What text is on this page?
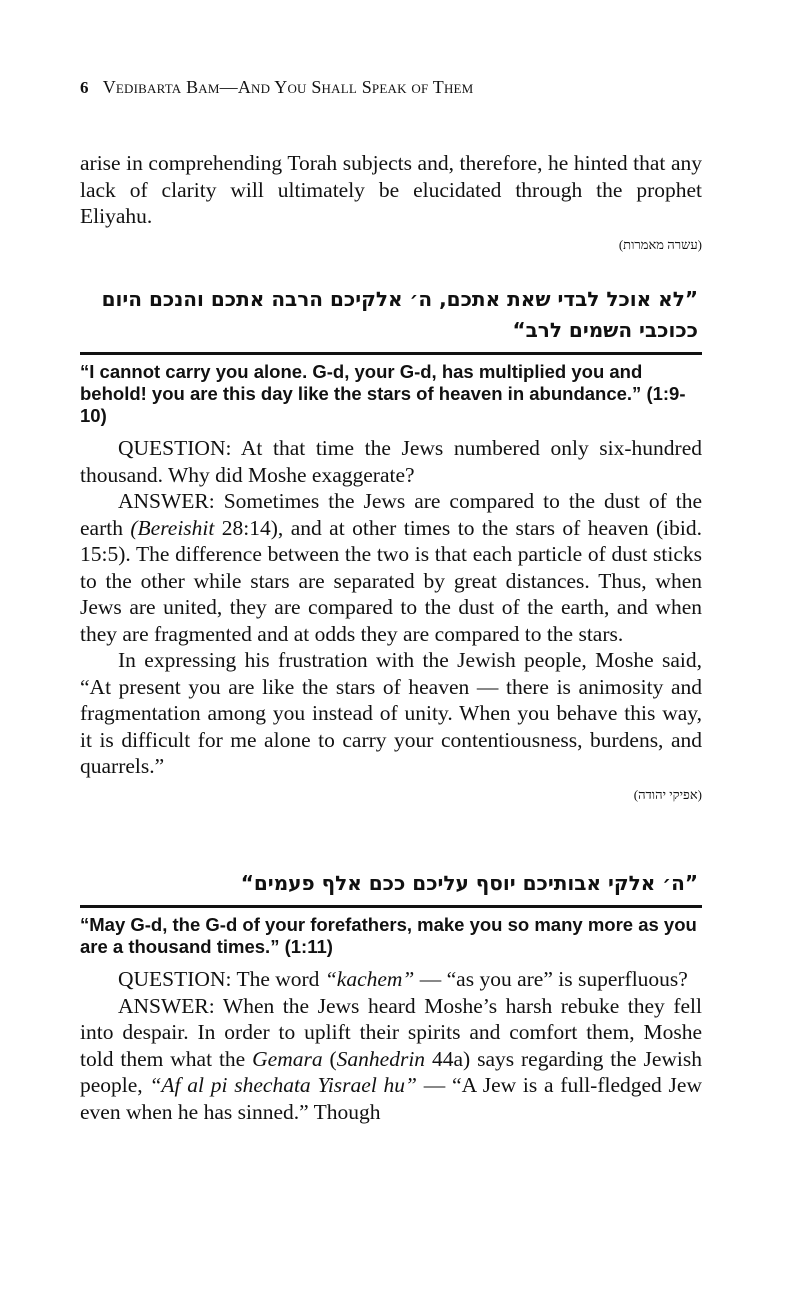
6 Vedibarta Bam—And You Shall Speak of Them

arise in comprehending Torah subjects and, therefore, he hinted that any lack of clarity will ultimately be elucidated through the prophet Eliyahu.

(עשרה מאמרות)

”לא אוכל לבדי שאת אתכם, ה׳ אלקיכם הרבה אתכם והנכם היום ככוכבי השמים לרב“

“I cannot carry you alone. G-d, your G-d, has multiplied you and behold! you are this day like the stars of heaven in abundance.” (1:9-10)

QUESTION: At that time the Jews numbered only six-hundred thousand. Why did Moshe exaggerate?

ANSWER: Sometimes the Jews are compared to the dust of the earth (Bereishit 28:14), and at other times to the stars of heaven (ibid. 15:5). The difference between the two is that each particle of dust sticks to the other while stars are separated by great distances. Thus, when Jews are united, they are compared to the dust of the earth, and when they are fragmented and at odds they are compared to the stars.

In expressing his frustration with the Jewish people, Moshe said, “At present you are like the stars of heaven — there is animosity and fragmentation among you instead of unity. When you behave this way, it is difficult for me alone to carry your contentiousness, burdens, and quarrels.”

(אפיקי יהודה)

”ה׳ אלקי אבותיכם יוסף עליכם ככם אלף פעמים“

“May G-d, the G-d of your forefathers, make you so many more as you are a thousand times.” (1:11)

QUESTION: The word “kachem” — “as you are” is superfluous?

ANSWER: When the Jews heard Moshe’s harsh rebuke they fell into despair. In order to uplift their spirits and comfort them, Moshe told them what the Gemara (Sanhedrin 44a) says regarding the Jewish people, “Af al pi shechata Yisrael hu” — “A Jew is a full-fledged Jew even when he has sinned.” Though
